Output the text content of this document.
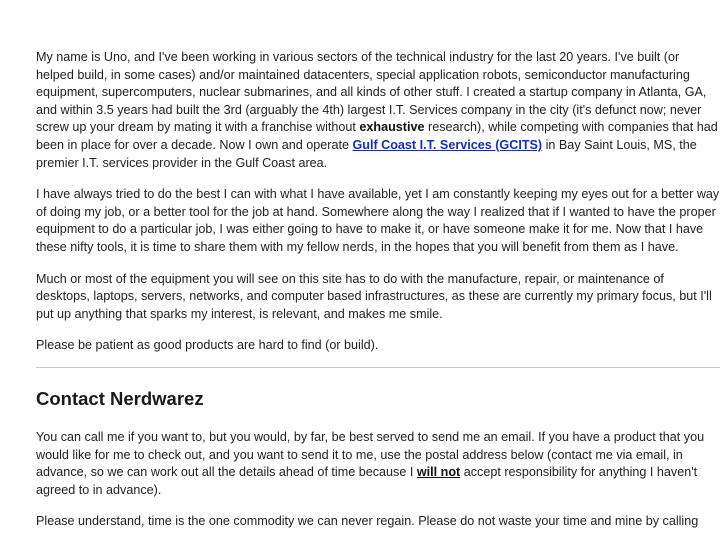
My name is Uno, and I've been working in various sectors of the technical industry for the last 20 years. I've built (or helped build, in some cases) and/or maintained datacenters, special application robots, semiconductor manufacturing equipment, supercomputers, nuclear submarines, and all kinds of other stuff. I created a startup company in Atlanta, GA, and within 3.5 years had built the 3rd (arguably the 4th) largest I.T. Services company in the city (it's defunct now; never screw up your dream by mating it with a franchise without exhaustive research), while competing with companies that had been in place for over a decade. Now I own and operate Gulf Coast I.T. Services (GCITS) in Bay Saint Louis, MS, the premier I.T. services provider in the Gulf Coast area.

I have always tried to do the best I can with what I have available, yet I am constantly keeping my eyes out for a better way of doing my job, or a better tool for the job at hand. Somewhere along the way I realized that if I wanted to have the proper equipment to do a particular job, I was either going to have to make it, or have someone make it for me. Now that I have these nifty tools, it is time to share them with my fellow nerds, in the hopes that you will benefit from them as I have.

Much or most of the equipment you will see on this site has to do with the manufacture, repair, or maintenance of desktops, laptops, servers, networks, and computer based infrastructures, as these are currently my primary focus, but I'll put up anything that sparks my interest, is relevant, and makes me smile.

Please be patient as good products are hard to find (or build).

Contact Nerdwarez

You can call me if you want to, but you would, by far, be best served to send me an email. If you have a product that you would like for me to check out, and you want to send it to me, use the postal address below (contact me via email, in advance, so we can work out all the details ahead of time because I will not accept responsibility for anything I haven't agreed to in advance).

Please understand, time is the one commodity we can never regain. Please do not waste your time and mine by calling
